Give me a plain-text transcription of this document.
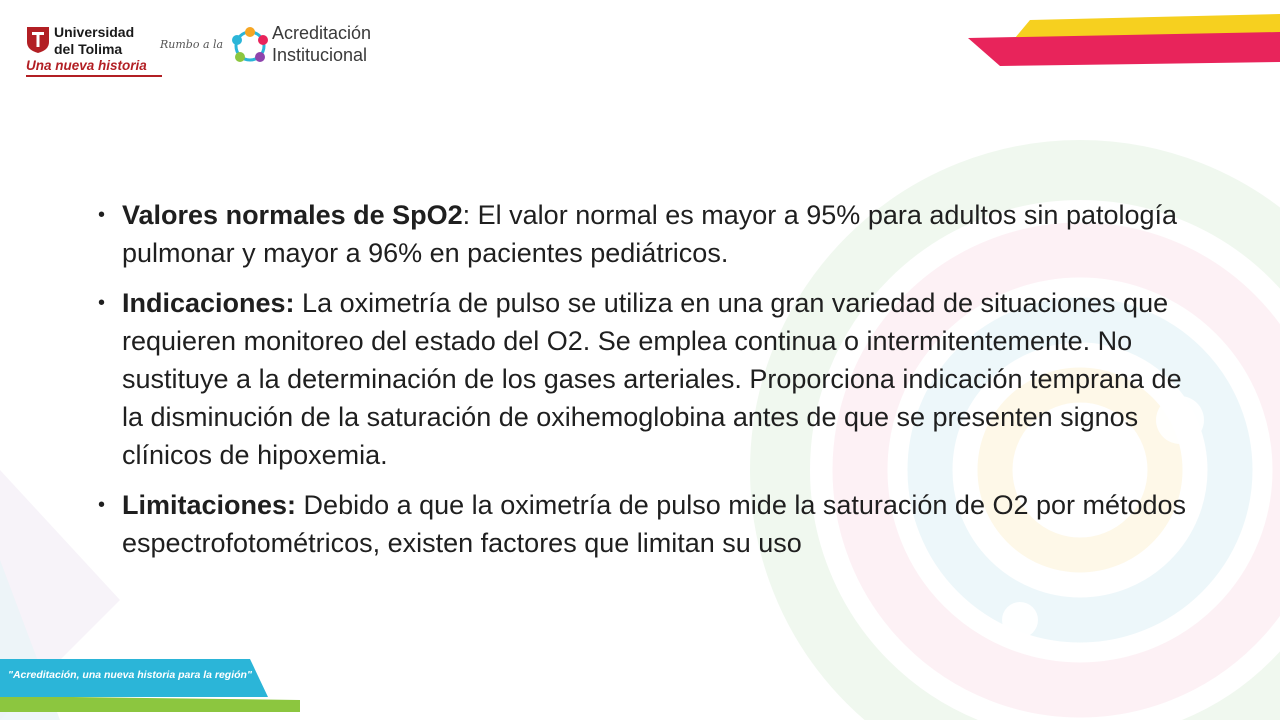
Universidad
del Tolima
Una nueva historia
Rumbo a la
Acreditación
Institucional
• Valores normales de SpO2: El valor normal es mayor a 95% para adultos sin patología pulmonar y mayor a 96% en pacientes pediátricos.
• Indicaciones: La oximetría de pulso se utiliza en una gran variedad de situaciones que requieren monitoreo del estado del O2. Se emplea continua o intermitentemente. No sustituye a la determinación de los gases arteriales. Proporciona indicación temprana de la disminución de la saturación de oxihemoglobina antes de que se presenten signos clínicos de hipoxemia.
• Limitaciones: Debido a que la oximetría de pulso mide la saturación de O2 por métodos espectrofotométricos, existen factores que limitan su uso
"Acreditación, una nueva historia para la región"
